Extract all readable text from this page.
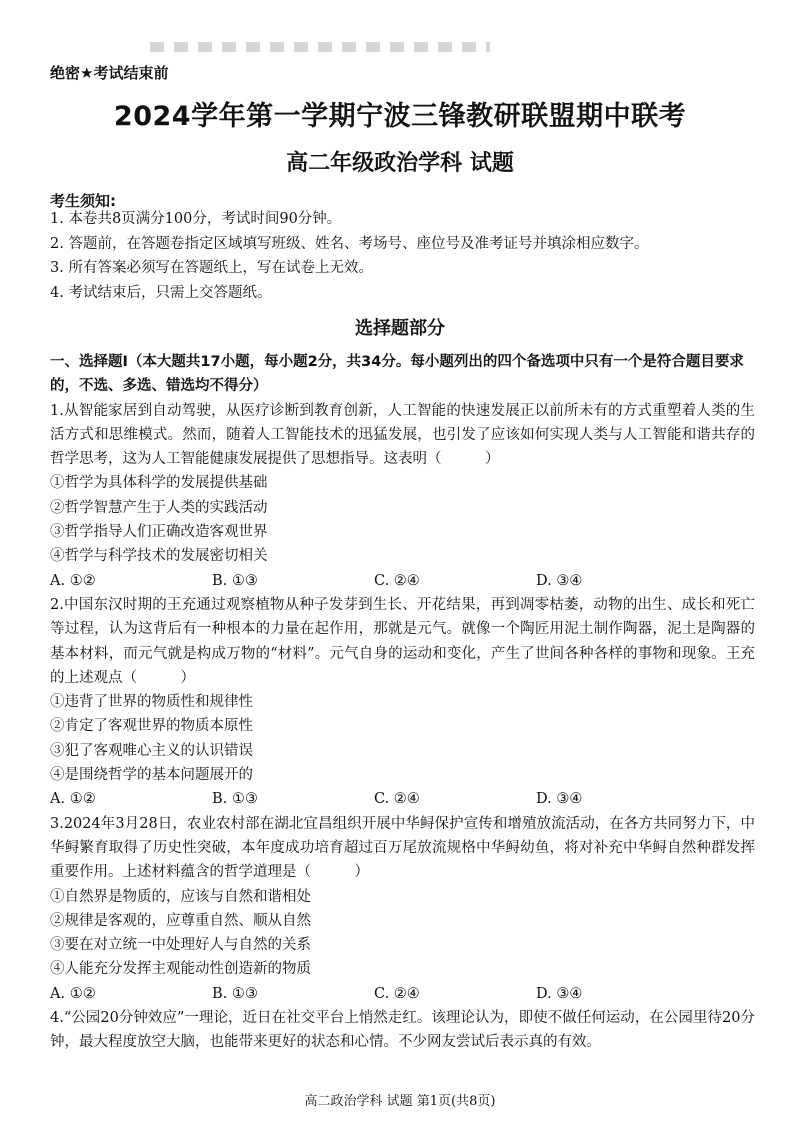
绝密★考试结束前
2024学年第一学期宁波三锋教研联盟期中联考
高二年级政治学科 试题
考生须知:
1. 本卷共8页满分100分，考试时间90分钟。
2. 答题前，在答题卷指定区域填写班级、姓名、考场号、座位号及准考证号并填涂相应数字。
3. 所有答案必须写在答题纸上，写在试卷上无效。
4. 考试结束后，只需上交答题纸。
选择题部分
一、选择题Ⅰ（本大题共17小题，每小题2分，共34分。每小题列出的四个备选项中只有一个是符合题目要求的，不选、多选、错选均不得分）
1.从智能家居到自动驾驶，从医疗诊断到教育创新，人工智能的快速发展正以前所未有的方式重塑着人类的生活方式和思维模式。然而，随着人工智能技术的迅猛发展，也引发了应该如何实现人类与人工智能和谐共存的哲学思考，这为人工智能健康发展提供了思想指导。这表明（　　　）
①哲学为具体科学的发展提供基础
②哲学智慧产生于人类的实践活动
③哲学指导人们正确改造客观世界
④哲学与科学技术的发展密切相关
A. ①②	B. ①③	C. ②④	D. ③④
2.中国东汉时期的王充通过观察植物从种子发芽到生长、开花结果，再到凋零枯萎，动物的出生、成长和死亡等过程，认为这背后有一种根本的力量在起作用，那就是元气。就像一个陶匠用泥土制作陶器，泥土是陶器的基本材料，而元气就是构成万物的“材料”。元气自身的运动和变化，产生了世间各种各样的事物和现象。王充的上述观点（　　　）
①违背了世界的物质性和规律性
②肯定了客观世界的物质本原性
③犯了客观唯心主义的认识错误
④是围绕哲学的基本问题展开的
A. ①②	B. ①③	C. ②④	D. ③④
3.2024年3月28日，农业农村部在湖北宜昌组织开展中华鲟保护宣传和增殖放流活动，在各方共同努力下，中华鲟繁育取得了历史性突破，本年度成功培育超过百万尾放流规格中华鲟幼鱼，将对补充中华鲟自然种群发挥重要作用。上述材料蕴含的哲学道理是（　　　）
①自然界是物质的，应该与自然和谐相处
②规律是客观的，应尊重自然、顺从自然
③要在对立统一中处理好人与自然的关系
④人能充分发挥主观能动性创造新的物质
A. ①②	B. ①③	C. ②④	D. ③④
4.“公园20分钟效应”一理论，近日在社交平台上悄然走红。该理论认为，即使不做任何运动，在公园里待20分钟，最大程度放空大脑，也能带来更好的状态和心情。不少网友尝试后表示真的有效。
高二政治学科 试题 第1页(共8页)
